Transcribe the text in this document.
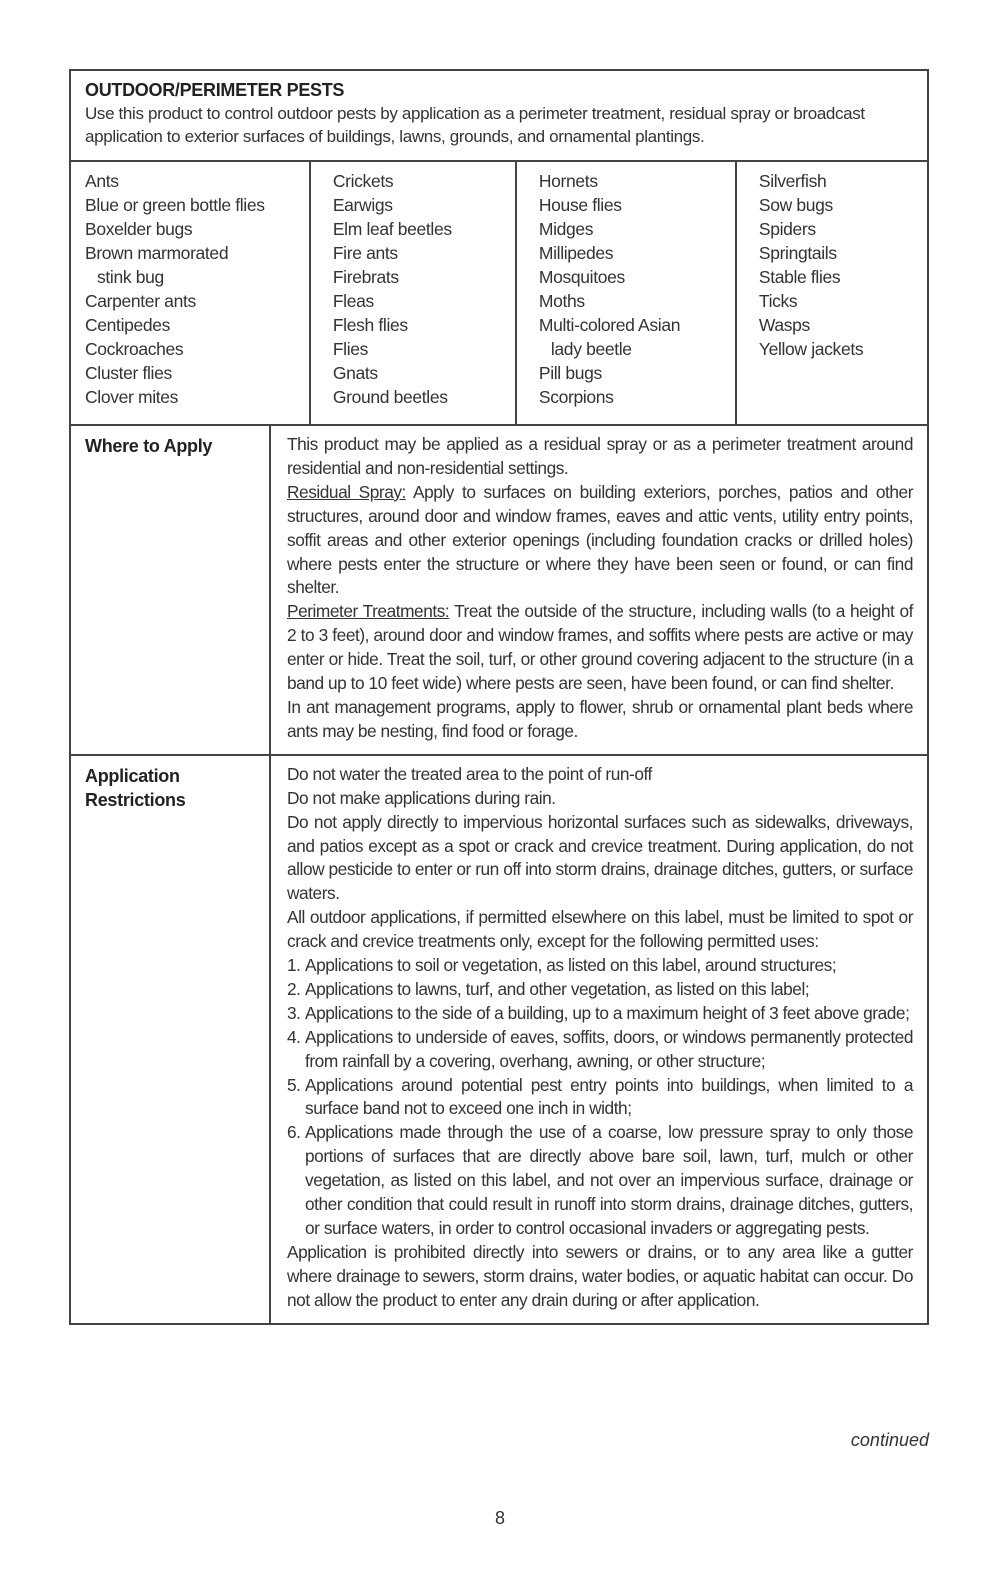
OUTDOOR/PERIMETER PESTS
Use this product to control outdoor pests by application as a perimeter treatment, residual spray or broadcast application to exterior surfaces of buildings, lawns, grounds, and ornamental plantings.
Ants
Blue or green bottle flies
Boxelder bugs
Brown marmorated
stink bug
Carpenter ants
Centipedes
Cockroaches
Cluster flies
Clover mites
Crickets
Earwigs
Elm leaf beetles
Fire ants
Firebrats
Fleas
Flesh flies
Flies
Gnats
Ground beetles
Hornets
House flies
Midges
Millipedes
Mosquitoes
Moths
Multi-colored Asian
lady beetle
Pill bugs
Scorpions
Silverfish
Sow bugs
Spiders
Springtails
Stable flies
Ticks
Wasps
Yellow jackets
Where to Apply	This product may be applied as a residual spray or as a perimeter treatment around residential and non-residential settings.

Residual Spray: Apply to surfaces on building exteriors, porches, patios and other structures, around door and window frames, eaves and attic vents, utility entry points, soffit areas and other exterior openings (including foundation cracks or drilled holes) where pests enter the structure or where they have been seen or found, or can find shelter.

Perimeter Treatments: Treat the outside of the structure, including walls (to a height of 2 to 3 feet), around door and window frames, and soffits where pests are active or may enter or hide. Treat the soil, turf, or other ground covering adjacent to the structure (in a band up to 10 feet wide) where pests are seen, have been found, or can find shelter.

In ant management programs, apply to flower, shrub or ornamental plant beds where ants may be nesting, find food or forage.

Application
Restrictions

Do not water the treated area to the point of run-off

Do not make applications during rain.

Do not apply directly to impervious horizontal surfaces such as sidewalks, driveways, and patios except as a spot or crack and crevice treatment. During application, do not allow pesticide to enter or run off into storm drains, drainage ditches, gutters, or surface waters.

All outdoor applications, if permitted elsewhere on this label, must be limited to spot or crack and crevice treatments only, except for the following permitted uses:

1. Applications to soil or vegetation, as listed on this label, around structures;
2. Applications to lawns, turf, and other vegetation, as listed on this label;
3. Applications to the side of a building, up to a maximum height of 3 feet above grade;
4. Applications to underside of eaves, soffits, doors, or windows permanently protected from rainfall by a covering, overhang, awning, or other structure;
5. Applications around potential pest entry points into buildings, when limited to a surface band not to exceed one inch in width;
6. Applications made through the use of a coarse, low pressure spray to only those portions of surfaces that are directly above bare soil, lawn, turf, mulch or other vegetation, as listed on this label, and not over an impervious surface, drainage or other condition that could result in runoff into storm drains, drainage ditches, gutters, or surface waters, in order to control occasional invaders or aggregating pests.

Application is prohibited directly into sewers or drains, or to any area like a gutter where drainage to sewers, storm drains, water bodies, or aquatic habitat can occur. Do not allow the product to enter any drain during or after application.

continued
8
